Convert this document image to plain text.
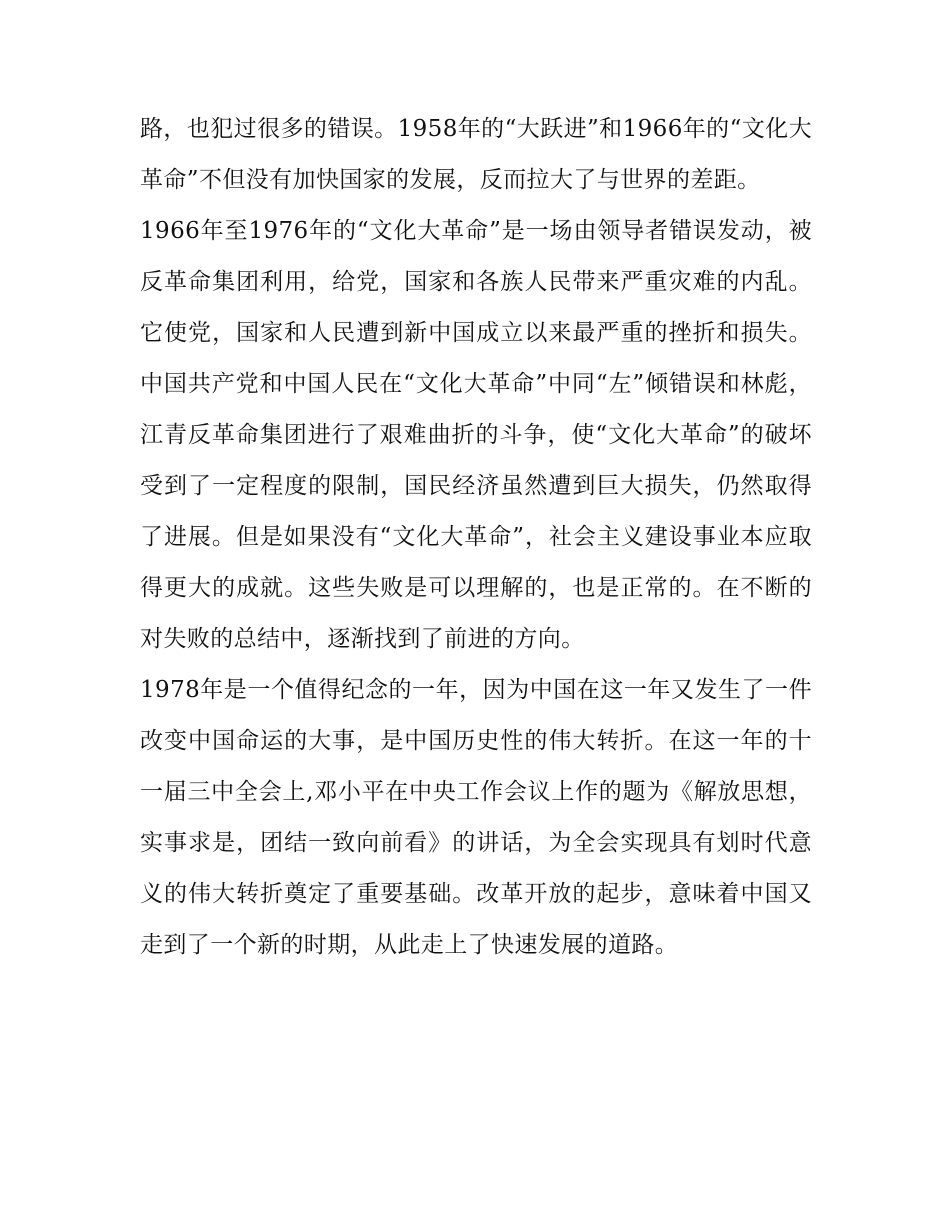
路，也犯过很多的错误。1958年的“大跃进”和1966年的“文化大革命”不但没有加快国家的发展，反而拉大了与世界的差距。

1966年至1976年的“文化大革命”是一场由领导者错误发动，被反革命集团利用，给党，国家和各族人民带来严重灾难的内乱。它使党，国家和人民遭到新中国成立以来最严重的挫折和损失。中国共产党和中国人民在“文化大革命”中同“左”倾错误和林彪，江青反革命集团进行了艰难曲折的斗争，使“文化大革命”的破坏受到了一定程度的限制，国民经济虽然遭到巨大损失，仍然取得了进展。但是如果没有“文化大革命”，社会主义建设事业本应取得更大的成就。这些失败是可以理解的，也是正常的。在不断的对失败的总结中，逐渐找到了前进的方向。

1978年是一个值得纪念的一年，因为中国在这一年又发生了一件改变中国命运的大事，是中国历史性的伟大转折。在这一年的十一届三中全会上,邓小平在中央工作会议上作的题为《解放思想，实事求是，团结一致向前看》的讲话，为全会实现具有划时代意义的伟大转折奠定了重要基础。改革开放的起步，意味着中国又走到了一个新的时期，从此走上了快速发展的道路。
